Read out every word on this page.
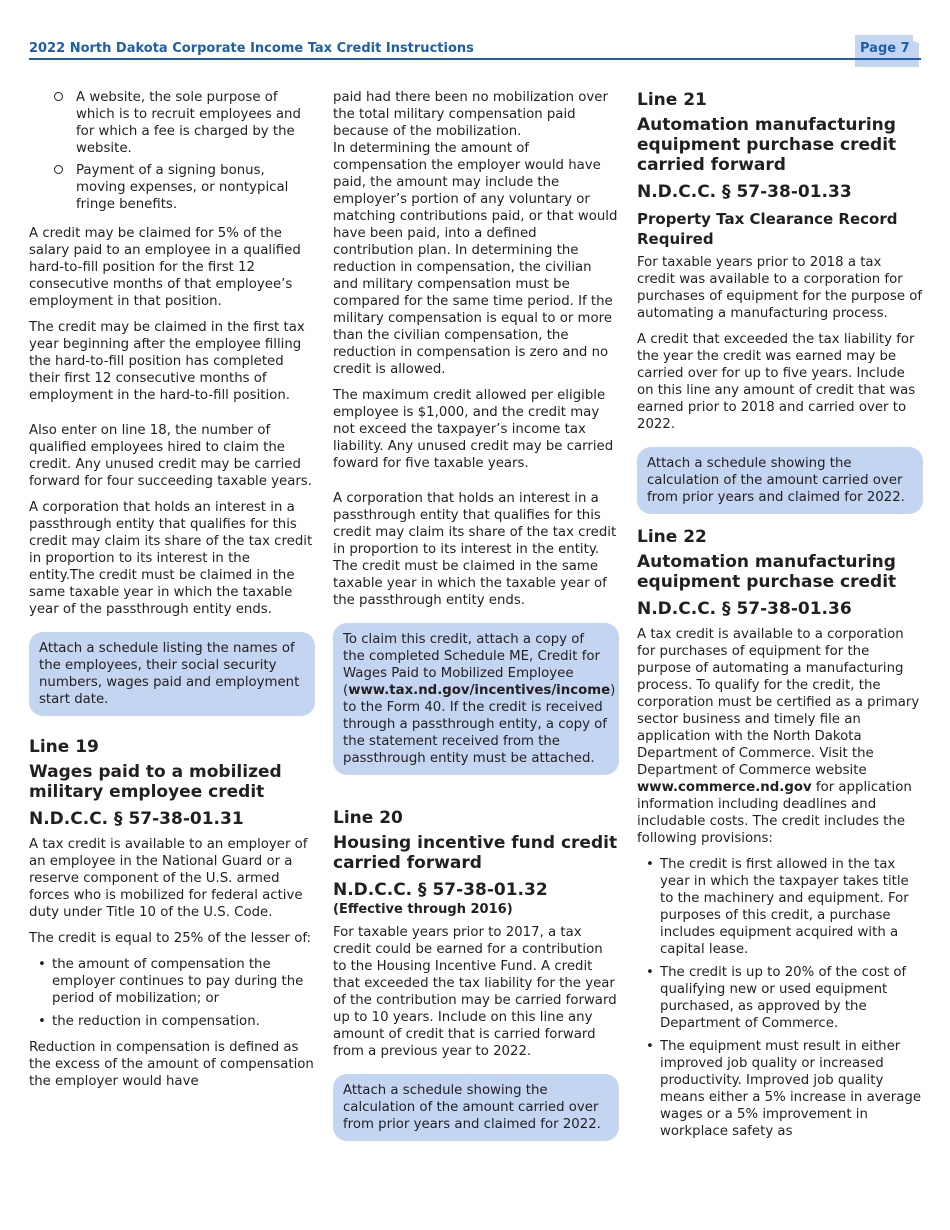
2022 North Dakota Corporate Income Tax Credit Instructions	Page 7
A website, the sole purpose of which is to recruit employees and for which a fee is charged by the website.
Payment of a signing bonus, moving expenses, or nontypical fringe benefits.

A credit may be claimed for 5% of the salary paid to an employee in a qualified hard-to-fill position for the first 12 consecutive months of that employee’s employment in that position.

The credit may be claimed in the first tax year beginning after the employee filling the hard-to-fill position has completed their first 12 consecutive months of employment in the hard-to-fill position.

Also enter on line 18, the number of qualified employees hired to claim the credit. Any unused credit may be carried forward for four succeeding taxable years.

A corporation that holds an interest in a passthrough entity that qualifies for this credit may claim its share of the tax credit in proportion to its interest in the entity.The credit must be claimed in the same taxable year in which the taxable year of the passthrough entity ends.

Attach a schedule listing the names of the employees, their social security numbers, wages paid and employment start date.
Line 19
Wages paid to a mobilized military employee credit
N.D.C.C. § 57-38-01.31

A tax credit is available to an employer of an employee in the National Guard or a reserve component of the U.S. armed forces who is mobilized for federal active duty under Title 10 of the U.S. Code.

The credit is equal to 25% of the lesser of:

• the amount of compensation the employer continues to pay during the period of mobilization; or
• the reduction in compensation.

Reduction in compensation is defined as the excess of the amount of compensation the employer would have

paid had there been no mobilization over the total military compensation paid because of the mobilization.

In determining the amount of compensation the employer would have paid, the amount may include the employer’s portion of any voluntary or matching contributions paid, or that would have been paid, into a defined contribution plan. In determining the reduction in compensation, the civilian and military compensation must be compared for the same time period. If the military compensation is equal to or more than the civilian compensation, the reduction in compensation is zero and no credit is allowed.

The maximum credit allowed per eligible employee is $1,000, and the credit may not exceed the taxpayer’s income tax liability. Any unused credit may be carried foward for five taxable years.

A corporation that holds an interest in a passthrough entity that qualifies for this credit may claim its share of the tax credit in proportion to its interest in the entity. The credit must be claimed in the same taxable year in which the taxable year of the passthrough entity ends.

To claim this credit, attach a copy of the completed Schedule ME, Credit for Wages Paid to Mobilized Employee (www.tax.nd.gov/incentives/income) to the Form 40. If the credit is received through a passthrough entity, a copy of the statement received from the passthrough entity must be attached.
Line 20
Housing incentive fund credit carried forward
N.D.C.C. § 57-38-01.32
(Effective through 2016)

For taxable years prior to 2017, a tax credit could be earned for a contribution to the Housing Incentive Fund. A credit that exceeded the tax liability for the year of the contribution may be carried forward up to 10 years. Include on this line any amount of credit that is carried forward from a previous year to 2022.

Attach a schedule showing the calculation of the amount carried over from prior years and claimed for 2022.
Line 21
Automation manufacturing equipment purchase credit carried forward
N.D.C.C. § 57-38-01.33
Property Tax Clearance Record Required

For taxable years prior to 2018 a tax credit was available to a corporation for purchases of equipment for the purpose of automating a manufacturing process.

A credit that exceeded the tax liability for the year the credit was earned may be carried over for up to five years. Include on this line any amount of credit that was earned prior to 2018 and carried over to 2022.

Attach a schedule showing the calculation of the amount carried over from prior years and claimed for 2022.
Line 22
Automation manufacturing equipment purchase credit
N.D.C.C. § 57-38-01.36

A tax credit is available to a corporation for purchases of equipment for the purpose of automating a manufacturing process. To qualify for the credit, the corporation must be certified as a primary sector business and timely file an application with the North Dakota Department of Commerce. Visit the Department of Commerce website www.commerce.nd.gov for application information including deadlines and includable costs. The credit includes the following provisions:

• The credit is first allowed in the tax year in which the taxpayer takes title to the machinery and equipment. For purposes of this credit, a purchase includes equipment acquired with a capital lease.
• The credit is up to 20% of the cost of qualifying new or used equipment purchased, as approved by the Department of Commerce.
• The equipment must result in either improved job quality or increased productivity. Improved job quality means either a 5% increase in average wages or a 5% improvement in workplace safety as
